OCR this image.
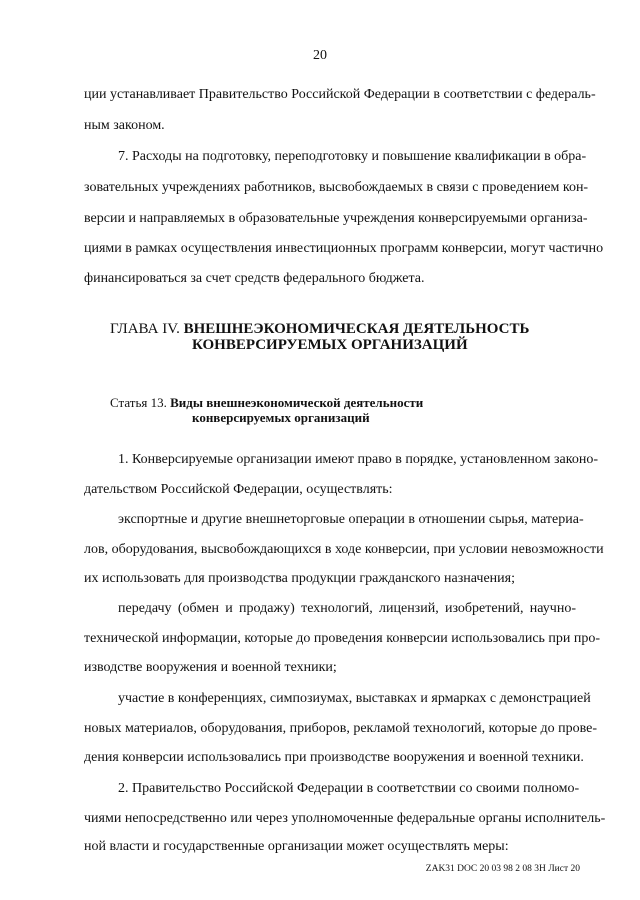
20
ции устанавливает Правительство Российской Федерации в соответствии с федераль-
ным законом.
7. Расходы на подготовку, переподготовку и повышение квалификации в обра-
зовательных учреждениях работников, высвобождаемых в связи с проведением кон-
версии и направляемых в образовательные учреждения конверсируемыми организа-
циями в рамках осуществления инвестиционных программ конверсии, могут частично
финансироваться за счет средств федерального бюджета.
ГЛАВА IV. ВНЕШНЕЭКОНОМИЧЕСКАЯ ДЕЯТЕЛЬНОСТЬ
КОНВЕРСИРУЕМЫХ ОРГАНИЗАЦИЙ
Статья 13. Виды внешнеэкономической деятельности
конверсируемых организаций
1. Конверсируемые организации имеют право в порядке, установленном законо-
дательством Российской Федерации, осуществлять:
экспортные и другие внешнеторговые операции в отношении сырья, материа-
лов, оборудования, высвобождающихся в ходе конверсии, при условии невозможности
их использовать для производства продукции гражданского назначения;
передачу (обмен и продажу) технологий, лицензий, изобретений, научно-
технической информации, которые до проведения конверсии использовались при про-
изводстве вооружения и военной техники;
участие в конференциях, симпозиумах, выставках и ярмарках с демонстрацией
новых материалов, оборудования, приборов, рекламой технологий, которые до прове-
дения конверсии использовались при производстве вооружения и военной техники.
2. Правительство Российской Федерации в соответствии со своими полномо-
чиями непосредственно или через уполномоченные федеральные органы исполнитель-
ной власти и государственные организации может осуществлять меры:
ZAK31 DOC 20 03 98 2 08 3H Лист 20
